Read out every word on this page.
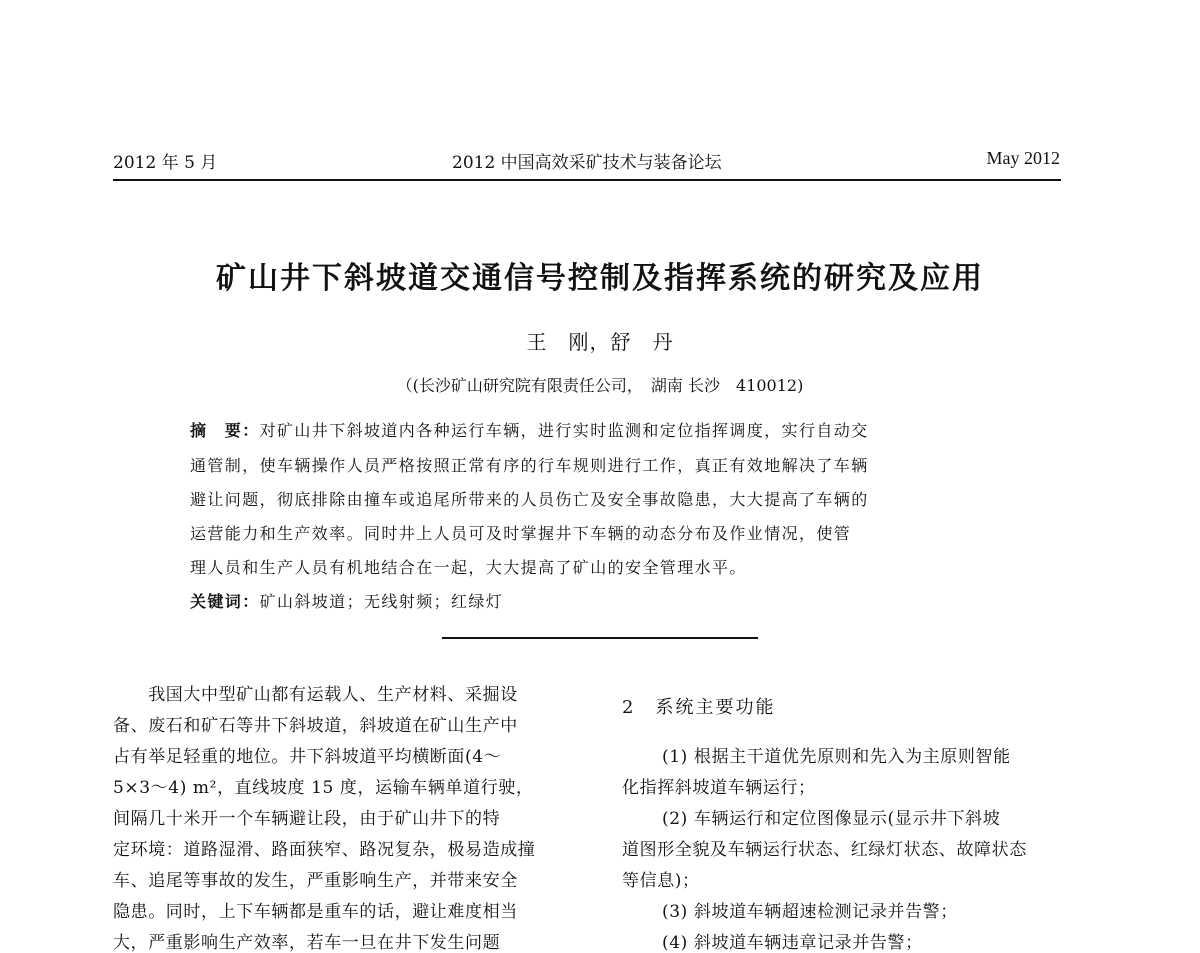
2012 年 5 月	2012 中国高效采矿技术与装备论坛	May 2012
矿山井下斜坡道交通信号控制及指挥系统的研究及应用
王　刚，舒　丹
（(长沙矿山研究院有限责任公司，　湖南 长沙　410012)
摘　要：对矿山井下斜坡道内各种运行车辆，进行实时监测和定位指挥调度，实行自动交
通管制，使车辆操作人员严格按照正常有序的行车规则进行工作，真正有效地解决了车辆
避让问题，彻底排除由撞车或追尾所带来的人员伤亡及安全事故隐患，大大提高了车辆的
运营能力和生产效率。同时井上人员可及时掌握井下车辆的动态分布及作业情况，使管
理人员和生产人员有机地结合在一起，大大提高了矿山的安全管理水平。
关键词：矿山斜坡道；无线射频；红绿灯
　　我国大中型矿山都有运载人、生产材料、采掘设
备、废石和矿石等井下斜坡道，斜坡道在矿山生产中
占有举足轻重的地位。井下斜坡道平均横断面(4～
5×3～4) m²，直线坡度 15 度，运输车辆单道行驶，
间隔几十米开一个车辆避让段，由于矿山井下的特
定环境：道路湿滑、路面狭窄、路况复杂，极易造成撞
车、追尾等事故的发生，严重影响生产，并带来安全
隐患。同时，上下车辆都是重车的话，避让难度相当
大，严重影响生产效率，若车一旦在井下发生问题
2　系统主要功能
(1) 根据主干道优先原则和先入为主原则智能
化指挥斜坡道车辆运行；
(2) 车辆运行和定位图像显示(显示井下斜坡
道图形全貌及车辆运行状态、红绿灯状态、故障状态
等信息)；
(3) 斜坡道车辆超速检测记录并告警；
(4) 斜坡道车辆违章记录并告警；
